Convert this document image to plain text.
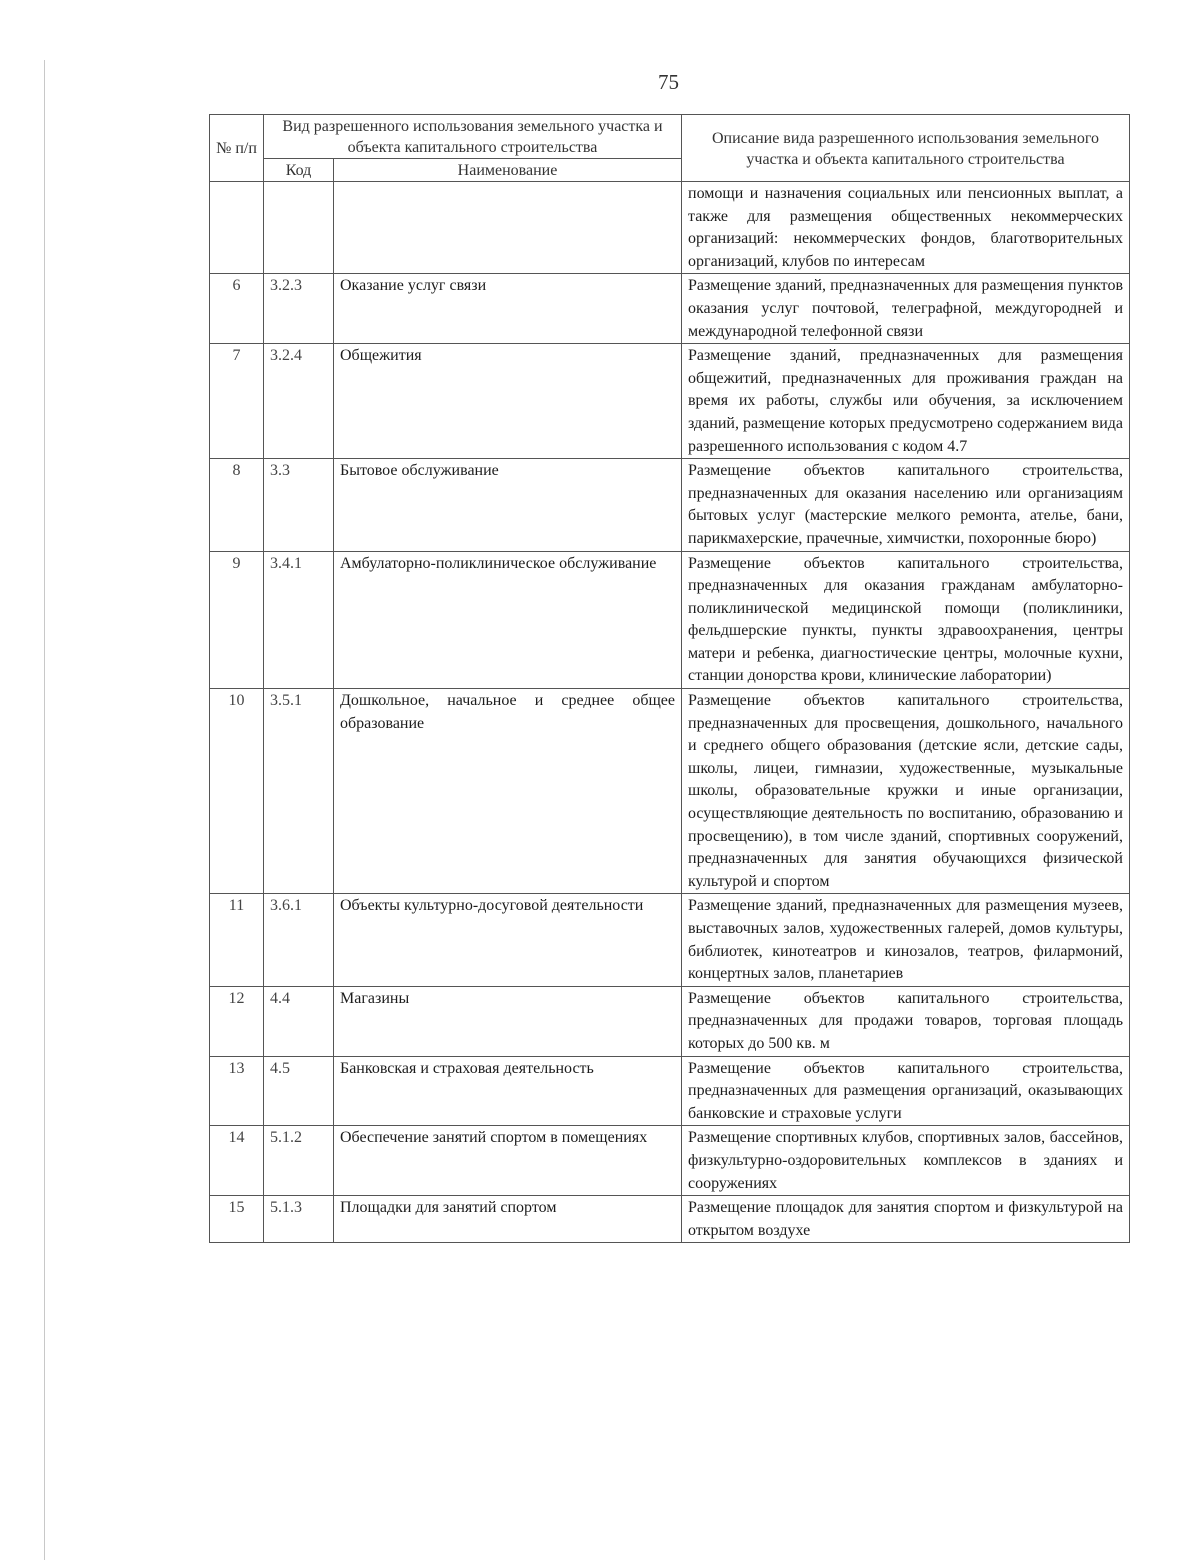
75
№ п/п	Вид разрешенного использования земельного участка и объекта капитального строительства		Описание вида разрешенного использования земельного участка и объекта капитального строительства
	Код	Наименование	
			помощи и назначения социальных или пенсионных выплат, а также для размещения общественных некоммерческих организаций: некоммерческих фондов, благотворительных организаций, клубов по интересам
6	3.2.3	Оказание услуг связи	Размещение зданий, предназначенных для размещения пунктов оказания услуг почтовой, телеграфной, междугородней и международной телефонной связи
7	3.2.4	Общежития	Размещение зданий, предназначенных для размещения общежитий, предназначенных для проживания граждан на время их работы, службы или обучения, за исключением зданий, размещение которых предусмотрено содержанием вида разрешенного использования с кодом 4.7
8	3.3	Бытовое обслуживание	Размещение объектов капитального строительства, предназначенных для оказания населению или организациям бытовых услуг (мастерские мелкого ремонта, ателье, бани, парикмахерские, прачечные, химчистки, похоронные бюро)
9	3.4.1	Амбулаторно-поликлиническое обслуживание	Размещение объектов капитального строительства, предназначенных для оказания гражданам амбулаторно-поликлинической медицинской помощи (поликлиники, фельдшерские пункты, пункты здравоохранения, центры матери и ребенка, диагностические центры, молочные кухни, станции донорства крови, клинические лаборатории)
10	3.5.1	Дошкольное, начальное и среднее общее образование	Размещение объектов капитального строительства, предназначенных для просвещения, дошкольного, начального и среднего общего образования (детские ясли, детские сады, школы, лицеи, гимназии, художественные, музыкальные школы, образовательные кружки и иные организации, осуществляющие деятельность по воспитанию, образованию и просвещению), в том числе зданий, спортивных сооружений, предназначенных для занятия обучающихся физической культурой и спортом
11	3.6.1	Объекты культурно-досуговой деятельности	Размещение зданий, предназначенных для размещения музеев, выставочных залов, художественных галерей, домов культуры, библиотек, кинотеатров и кинозалов, театров, филармоний, концертных залов, планетариев
12	4.4	Магазины	Размещение объектов капитального строительства, предназначенных для продажи товаров, торговая площадь которых до 500 кв. м
13	4.5	Банковская и страховая деятельность	Размещение объектов капитального строительства, предназначенных для размещения организаций, оказывающих банковские и страховые услуги
14	5.1.2	Обеспечение занятий спортом в помещениях	Размещение спортивных клубов, спортивных залов, бассейнов, физкультурно-оздоровительных комплексов в зданиях и сооружениях
15	5.1.3	Площадки для занятий спортом	Размещение площадок для занятия спортом и физкультурой на открытом воздухе
